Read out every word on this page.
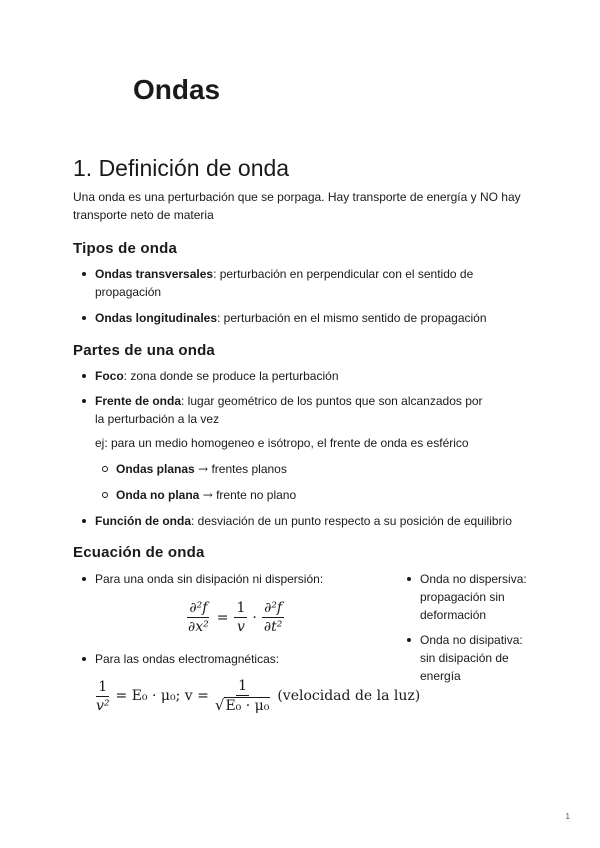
Ondas
1. Definición de onda
Una onda es una perturbación que se porpaga. Hay transporte de energía y NO hay transporte neto de materia
Tipos de onda
Ondas transversales: perturbación en perpendicular con el sentido de propagación
Ondas longitudinales: perturbación en el mismo sentido de propagación
Partes de una onda
Foco: zona donde se produce la perturbación
Frente de onda: lugar geométrico de los puntos que son alcanzados por la perturbación a la vez
ej: para un medio homogeneo e isótropo, el frente de onda es esférico
Ondas planas → frentes planos
Onda no plana → frente no plano
Función de onda: desviación de un punto respecto a su posición de equilibrio
Ecuación de onda
Para una onda sin disipación ni dispersión:
$\frac{\text{∂²f}}{\text{∂x²}} = \frac{1}{v} \cdot \frac{\text{∂²f}}{\text{∂t²}}$
Para las ondas electromagnéticas:
$\frac{1}{\text{v²}} = E_0 \cdot \mu_0$; $v = \frac{1}{\text{√E₀ · μ₀}}$ (velocidad de la luz)
Onda no dispersiva: propagación sin deformación
Onda no disipativa: sin disipación de energía
1
